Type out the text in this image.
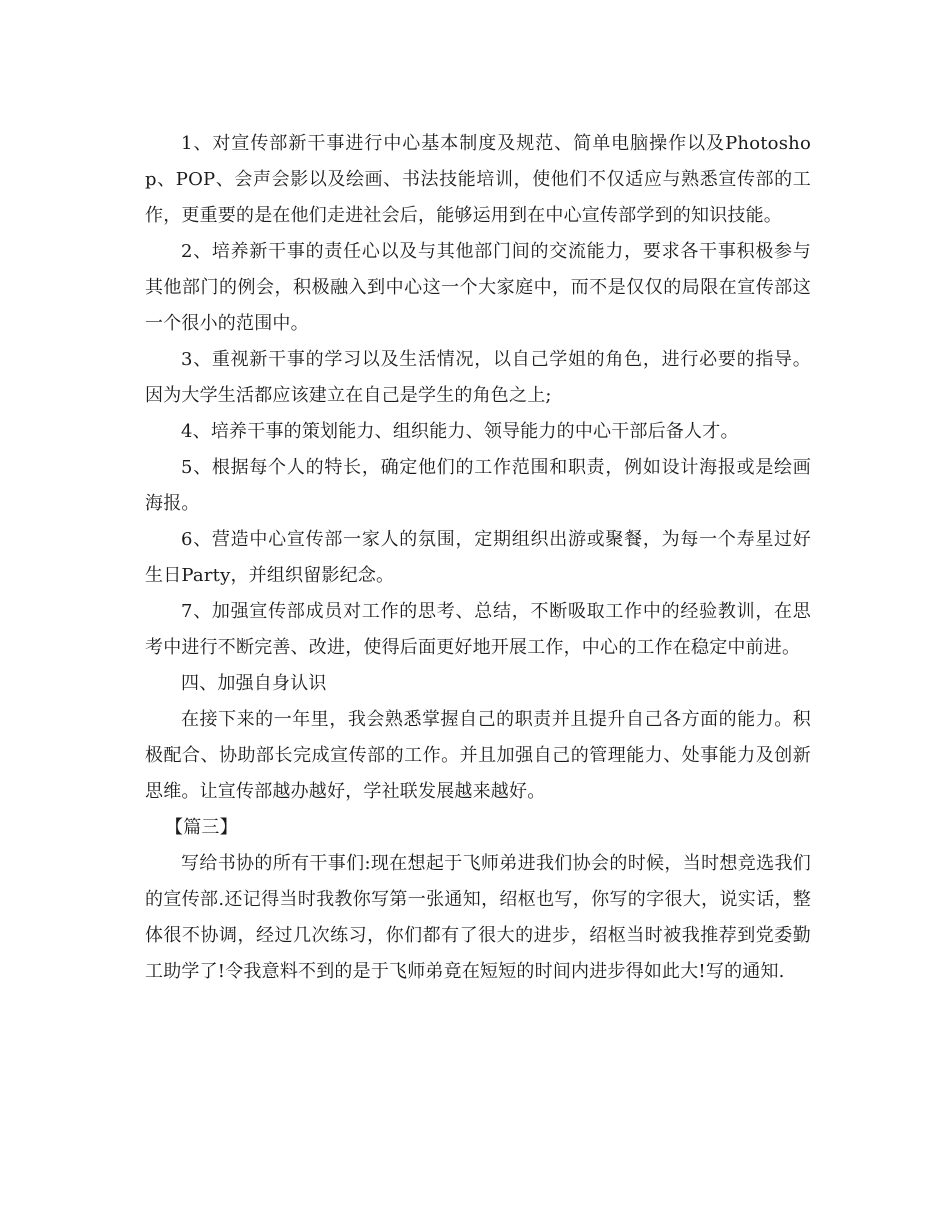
1、对宣传部新干事进行中心基本制度及规范、简单电脑操作以及Photoshop、POP、会声会影以及绘画、书法技能培训，使他们不仅适应与熟悉宣传部的工作，更重要的是在他们走进社会后，能够运用到在中心宣传部学到的知识技能。

2、培养新干事的责任心以及与其他部门间的交流能力，要求各干事积极参与其他部门的例会，积极融入到中心这一个大家庭中，而不是仅仅的局限在宣传部这一个很小的范围中。

3、重视新干事的学习以及生活情况，以自己学姐的角色，进行必要的指导。因为大学生活都应该建立在自己是学生的角色之上;

4、培养干事的策划能力、组织能力、领导能力的中心干部后备人才。

5、根据每个人的特长，确定他们的工作范围和职责，例如设计海报或是绘画海报。

6、营造中心宣传部一家人的氛围，定期组织出游或聚餐，为每一个寿星过好生日Party，并组织留影纪念。

7、加强宣传部成员对工作的思考、总结，不断吸取工作中的经验教训，在思考中进行不断完善、改进，使得后面更好地开展工作，中心的工作在稳定中前进。

四、加强自身认识

在接下来的一年里，我会熟悉掌握自己的职责并且提升自己各方面的能力。积极配合、协助部长完成宣传部的工作。并且加强自己的管理能力、处事能力及创新思维。让宣传部越办越好，学社联发展越来越好。

【篇三】

写给书协的所有干事们:现在想起于飞师弟进我们协会的时候，当时想竞选我们的宣传部.还记得当时我教你写第一张通知，绍枢也写，你写的字很大，说实话，整体很不协调，经过几次练习，你们都有了很大的进步，绍枢当时被我推荐到党委勤工助学了!令我意料不到的是于飞师弟竟在短短的时间内进步得如此大!写的通知.
